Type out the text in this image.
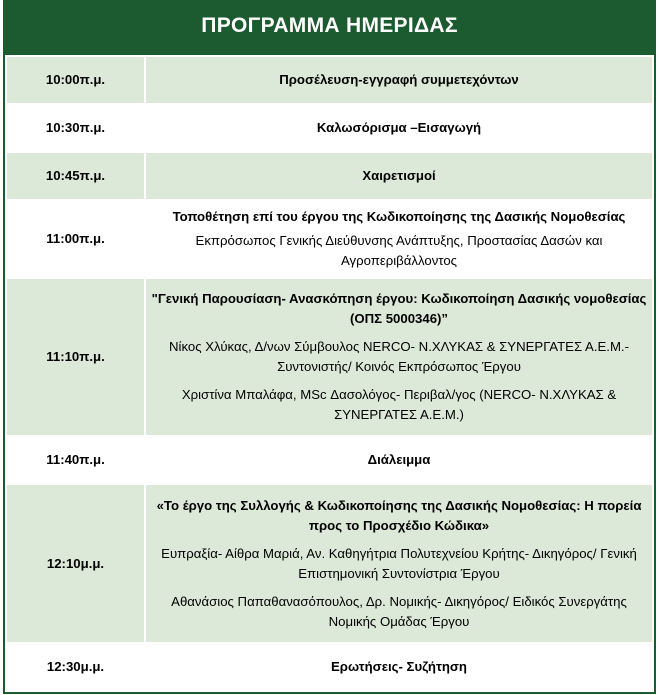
ΠΡΟΓΡΑΜΜΑ ΗΜΕΡΙΔΑΣ
10:00π.μ.	Προσέλευση-εγγραφή συμμετεχόντων
10:30π.μ.	Καλωσόρισμα –Εισαγωγή
10:45π.μ.	Χαιρετισμοί
11:00π.μ.	Τοποθέτηση επί του έργου της Κωδικοποίησης της Δασικής Νομοθεσίας
Εκπρόσωπος Γενικής Διεύθυνσης Ανάπτυξης, Προστασίας Δασών και Αγροπεριβάλλοντος

11:10π.μ.	"Γενική Παρουσίαση- Ανασκόπηση έργου: Κωδικοποίηση Δασικής νομοθεσίας (ΟΠΣ 5000346)”
Νίκος Χλύκας, Δ/νων Σύμβουλος NERCO- Ν.ΧΛΥΚΑΣ & ΣΥΝΕΡΓΑΤΕΣ Α.Ε.Μ.- Συντονιστής/ Κοινός Εκπρόσωπος Έργου
Χριστίνα Μπαλάφα, MSc Δασολόγος- Περιβαλ/γος (NERCO- Ν.ΧΛΥΚΑΣ & ΣΥΝΕΡΓΑΤΕΣ Α.Ε.Μ.)

11:40π.μ.	Διάλειμμα
12:10μ.μ.	«Το έργο της Συλλογής & Κωδικοποίησης της Δασικής Νομοθεσίας: Η πορεία προς το Προσχέδιο Κώδικα»
Ευπραξία- Αίθρα Μαριά, Αν. Καθηγήτρια Πολυτεχνείου Κρήτης- Δικηγόρος/ Γενική Επιστημονική Συντονίστρια Έργου
Αθανάσιος Παπαθανασόπουλος, Δρ. Νομικής- Δικηγόρος/ Ειδικός Συνεργάτης Νομικής Ομάδας Έργου

12:30μ.μ.	Ερωτήσεις- Συζήτηση
